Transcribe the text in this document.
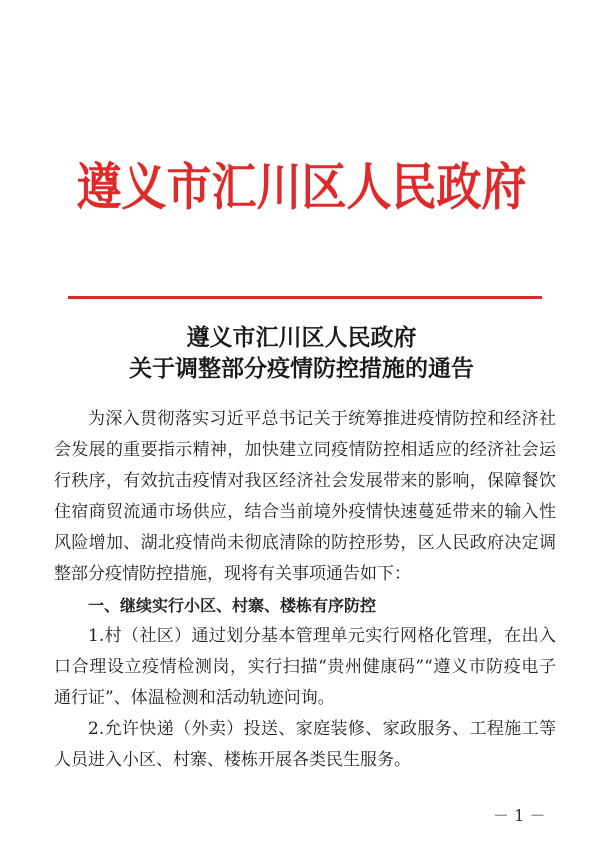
遵义市汇川区人民政府
遵义市汇川区人民政府
关于调整部分疫情防控措施的通告

为深入贯彻落实习近平总书记关于统筹推进疫情防控和经济社会发展的重要指示精神，加快建立同疫情防控相适应的经济社会运行秩序，有效抗击疫情对我区经济社会发展带来的影响，保障餐饮住宿商贸流通市场供应，结合当前境外疫情快速蔓延带来的输入性风险增加、湖北疫情尚未彻底清除的防控形势，区人民政府决定调整部分疫情防控措施，现将有关事项通告如下：

一、继续实行小区、村寨、楼栋有序防控

1.村（社区）通过划分基本管理单元实行网格化管理，在出入口合理设立疫情检测岗，实行扫描“贵州健康码”“遵义市防疫电子通行证”、体温检测和活动轨迹问询。

2.允许快递（外卖）投送、家庭装修、家政服务、工程施工等人员进入小区、村寨、楼栋开展各类民生服务。

－ 1 －
